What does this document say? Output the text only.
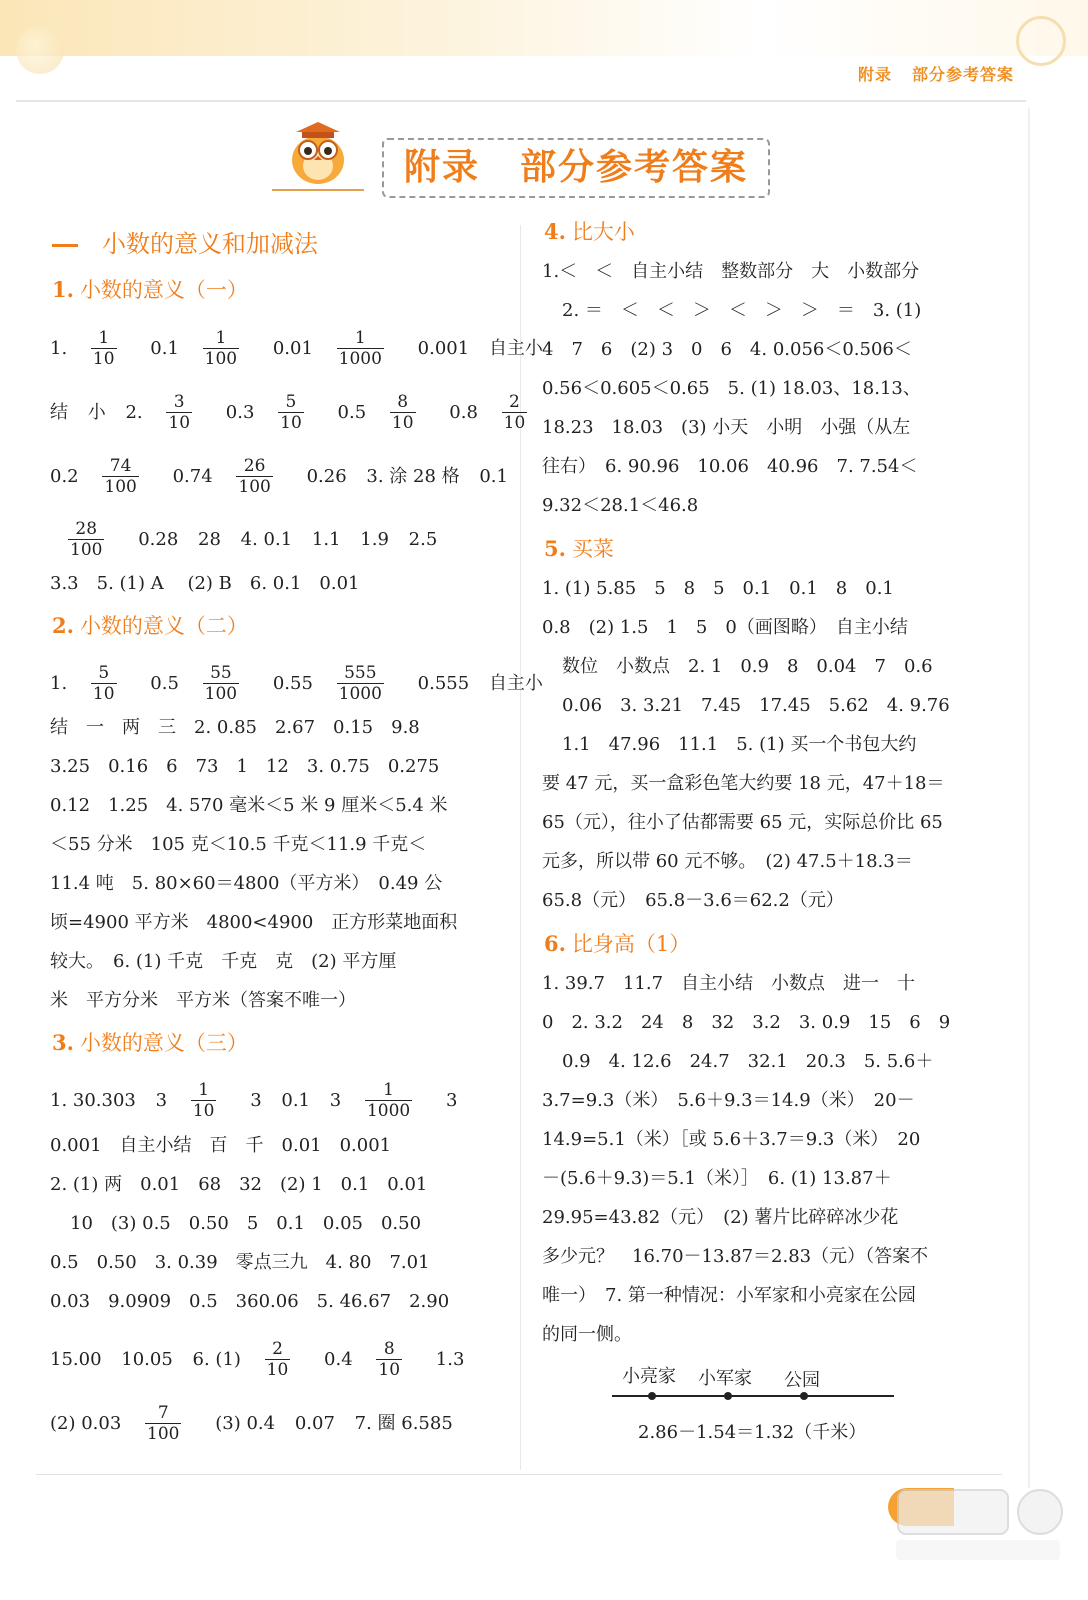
附录 部分参考答案
附录 部分参考答案
小数的意义和加减法
1. 小数的意义（一）
1. $\frac{1}{10} 0.1 \frac{1}{100} 0.01 \frac{1}{1000} 0.001$ 自主小
结 小 2. $\frac{3}{10} 0.3 \frac{5}{10} 0.5 \frac{8}{10} 0.8 \frac{2}{10}$
$0.2 \frac{74}{100} 0.74 \frac{26}{100} 0.26$ 3. 涂 28 格 0.1
$\frac{28}{100} 0.28$ 28 4. 0.1 1.1 1.9 2.5
3.3　5. (1) A　 (2) B　6. 0.1　0.01
2. 小数的意义（二）
1. $\frac{5}{10} 0.5 \frac{55}{100} 0.55 \frac{555}{1000} 0.555$ 自主小
结　一　两　三　2. 0.85　2.67　0.15　9.8
3.25　0.16　6　73　1　12　3. 0.75　0.275
0.12　1.25　4. 570 毫米＜5 米 9 厘米＜5.4 米
＜55 分米　105 克＜10.5 千克＜11.9 千克＜
11.4 吨　5. 80×60＝4800（平方米）　0.49 公
顷=4900 平方米　4800<4900　正方形菜地面积
较大。　6. (1) 千克　千克　克　(2) 平方厘
米　平方分米　平方米（答案不唯一）
3. 小数的意义（三）
1. 30.303 $3 \frac{1}{10} 3$ 0.1 $3 \frac{1}{1000} 3$
0.001　自主小结　百　千　0.01　0.001
2. (1) 两　0.01　68　32　(2) 1　0.1　0.01
10　(3) 0.5　0.50　5　0.1　0.05　0.50
0.5　0.50　3. 0.39　零点三九　4. 80　7.01
0.03　9.0909　0.5　360.06　5. 46.67　2.90
15.00 10.05 6. $(1) \frac{2}{10} 0.4 \frac{8}{10} 1.3$
(2) $0.03 \frac{7}{100} (3)$ 0.4 0.07 7. 圈 6.585
4. 比大小
1.＜　＜　自主小结　整数部分　大　小数部分
2. ＝　＜　＜　＞　＜　＞　＞　＝　3. (1)
4　7　6　(2) 3　0　6　4. 0.056＜0.506＜
0.56＜0.605＜0.65　5. (1) 18.03、18.13、
18.23　18.03　(3) 小天　小明　小强（从左
往右）　6. 90.96　10.06　40.96　7. 7.54＜
9.32＜28.1＜46.8
5. 买菜
1. (1) 5.85　5　8　5　0.1　0.1　8　0.1
0.8　(2) 1.5　1　5　0（画图略）　自主小结
数位　小数点　2. 1　0.9　8　0.04　7　0.6
0.06　3. 3.21　7.45　17.45　5.62　4. 9.76
1.1　47.96　11.1　5. (1) 买一个书包大约
要 47 元，买一盒彩色笔大约要 18 元，47＋18＝
65（元），往小了估都需要 65 元，实际总价比 65
元多，所以带 60 元不够。　(2) 47.5＋18.3＝
65.8（元）　65.8－3.6＝62.2（元）
6. 比身高（1）
1. 39.7　11.7　自主小结　小数点　进一　十
0　2. 3.2　24　8　32　3.2　3. 0.9　15　6　9
0.9　4. 12.6　24.7　32.1　20.3　5. 5.6＋
3.7=9.3（米）　5.6＋9.3＝14.9（米）　20－
14.9=5.1（米）［或 5.6＋3.7＝9.3（米）　20
－(5.6＋9.3)＝5.1（米）］　6. (1) 13.87＋
29.95=43.82（元）　(2) 薯片比碎碎冰少花
多少元？　16.70－13.87＝2.83（元）（答案不
唯一）　7. 第一种情况：小军家和小亮家在公园
的同一侧。
小亮家 小军家 公园
2.86－1.54＝1.32（千米）
